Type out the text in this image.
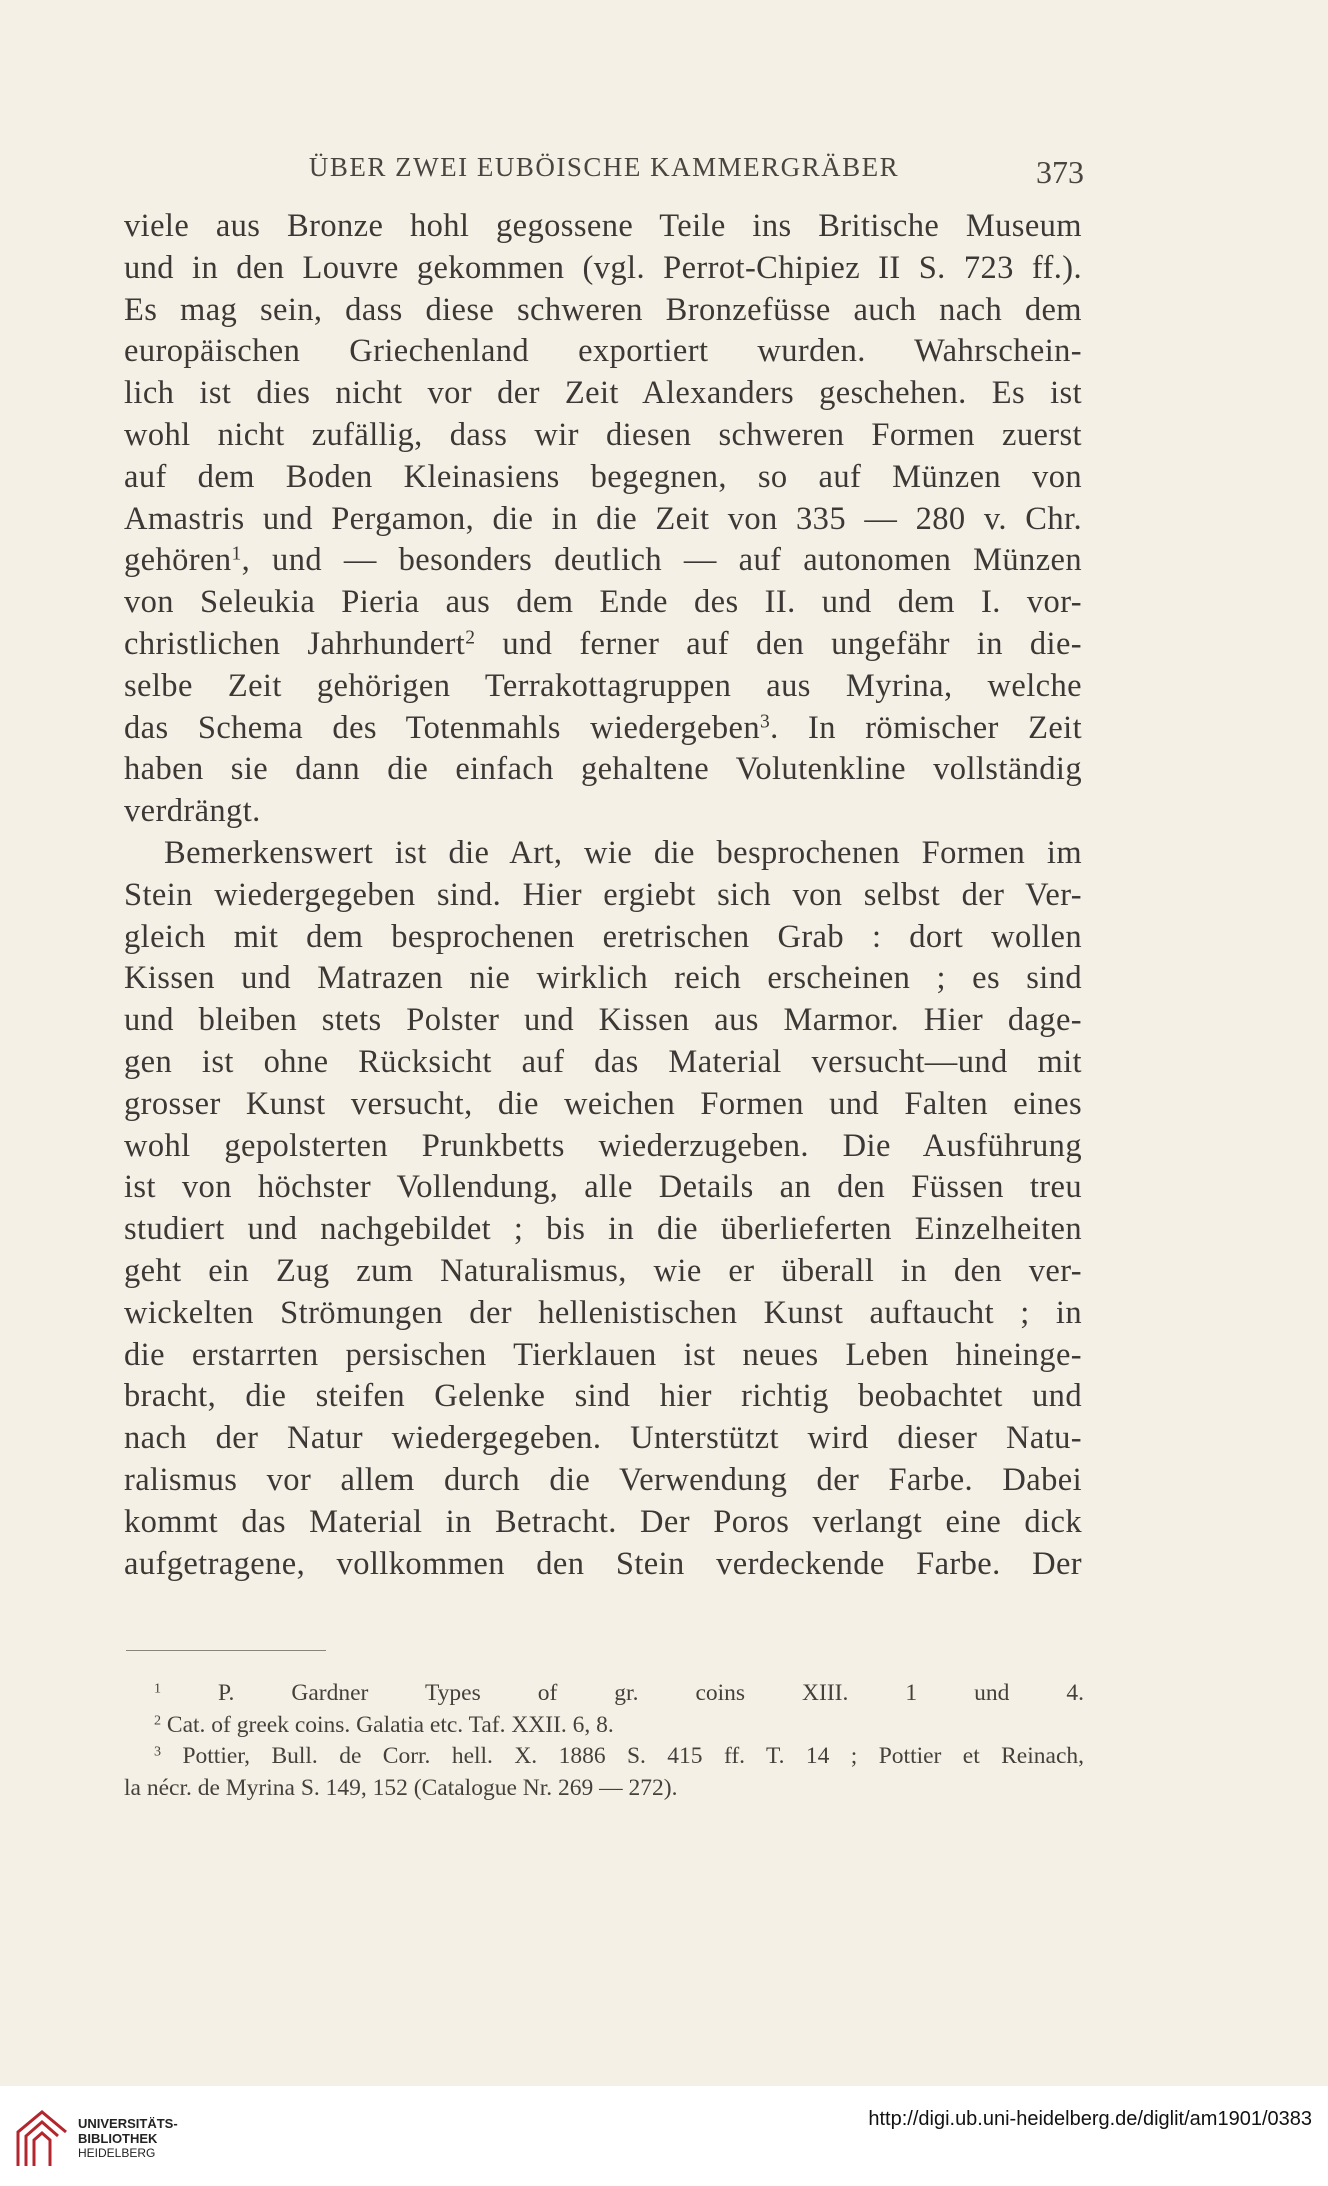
ÜBER ZWEI EUBÖISCHE KAMMERGRÄBER	373
viele aus Bronze hohl gegossene Teile ins Britische Museum
und in den Louvre gekommen (vgl. Perrot-Chipiez II S. 723 ff.).
Es mag sein, dass diese schweren Bronzefüsse auch nach dem
europäischen Griechenland exportiert wurden. Wahrschein-
lich ist dies nicht vor der Zeit Alexanders geschehen. Es ist
wohl nicht zufällig, dass wir diesen schweren Formen zuerst
auf dem Boden Kleinasiens begegnen, so auf Münzen von
Amastris und Pergamon, die in die Zeit von 335 — 280 v. Chr.
gehören$^1$, und — besonders deutlich — auf autonomen Münzen
von Seleukia Pieria aus dem Ende des II. und dem I. vor-
christlichen Jahrhundert$^2$ und ferner auf den ungefähr in die-
selbe Zeit gehörigen Terrakottagruppen aus Myrina, welche
das Schema des Totenmahls wiedergeben$^3$. In römischer Zeit
haben sie dann die einfach gehaltene Volutenkline vollständig
verdrängt.
Bemerkenswert ist die Art, wie die besprochenen Formen im
Stein wiedergegeben sind. Hier ergiebt sich von selbst der Ver-
gleich mit dem besprochenen eretrischen Grab : dort wollen
Kissen und Matrazen nie wirklich reich erscheinen ; es sind
und bleiben stets Polster und Kissen aus Marmor. Hier dage-
gen ist ohne Rücksicht auf das Material versucht—und mit
grosser Kunst versucht, die weichen Formen und Falten eines
wohl gepolsterten Prunkbetts wiederzugeben. Die Ausführung
ist von höchster Vollendung, alle Details an den Füssen treu
studiert und nachgebildet ; bis in die überlieferten Einzelheiten
geht ein Zug zum Naturalismus, wie er überall in den ver-
wickelten Strömungen der hellenistischen Kunst auftaucht ; in
die erstarrten persischen Tierklauen ist neues Leben hineinge-
bracht, die steifen Gelenke sind hier richtig beobachtet und
nach der Natur wiedergegeben. Unterstützt wird dieser Natu-
ralismus vor allem durch die Verwendung der Farbe. Dabei
kommt das Material in Betracht. Der Poros verlangt eine dick
aufgetragene, vollkommen den Stein verdeckende Farbe. Der
$^1$ P. Gardner Types of gr. coins XIII. 1 und 4.
$^2$ Cat. of greek coins. Galatia etc. Taf. XXII. 6, 8.
$^3$ Pottier, Bull. de Corr. hell. X. 1886 S. 415 ff. T. 14 ; Pottier et Reinach,
la nécr. de Myrina S. 149, 152 (Catalogue Nr. 269 — 272).
UNIVERSITÄTS-
BIBLIOTHEK
HEIDELBERG
http://digi.ub.uni-heidelberg.de/diglit/am1901/0383
